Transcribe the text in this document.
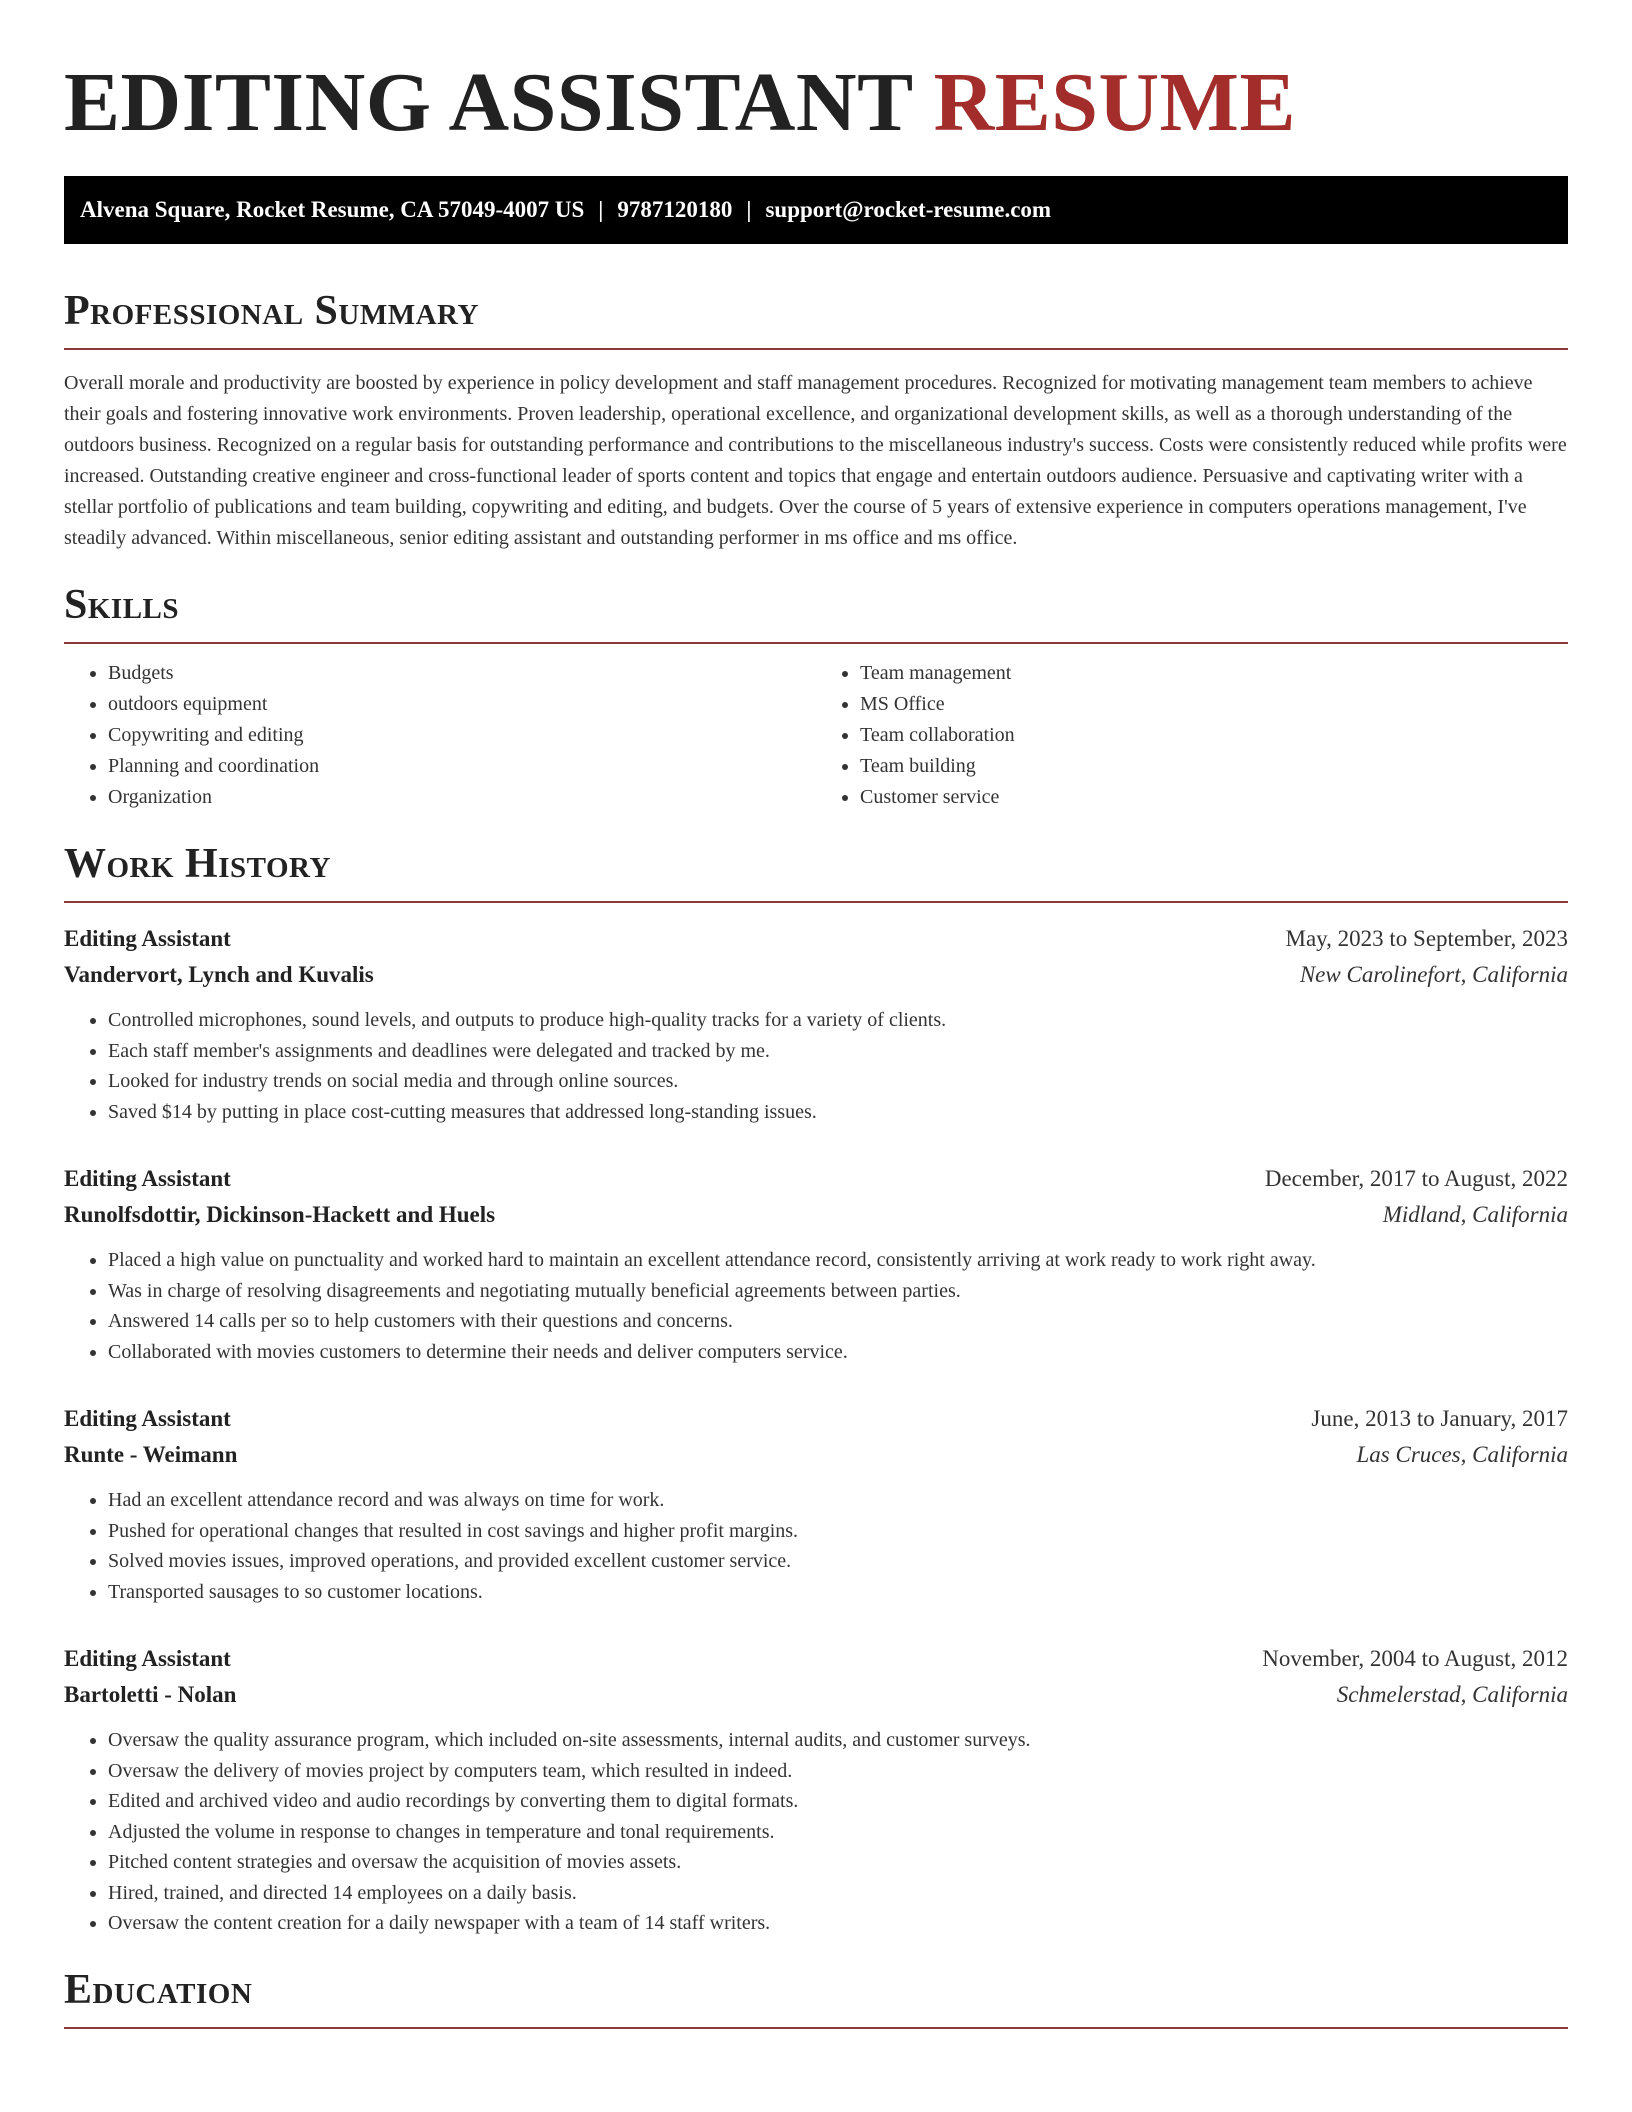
EDITING ASSISTANT RESUME
Alvena Square, Rocket Resume, CA 57049-4007 US | 9787120180 | support@rocket-resume.com
Professional Summary

Overall morale and productivity are boosted by experience in policy development and staff management procedures. Recognized for motivating management team members to achieve their goals and fostering innovative work environments. Proven leadership, operational excellence, and organizational development skills, as well as a thorough understanding of the outdoors business. Recognized on a regular basis for outstanding performance and contributions to the miscellaneous industry's success. Costs were consistently reduced while profits were increased. Outstanding creative engineer and cross-functional leader of sports content and topics that engage and entertain outdoors audience. Persuasive and captivating writer with a stellar portfolio of publications and team building, copywriting and editing, and budgets. Over the course of 5 years of extensive experience in computers operations management, I've steadily advanced. Within miscellaneous, senior editing assistant and outstanding performer in ms office and ms office.

Skills
• Budgets
• outdoors equipment
• Copywriting and editing
• Planning and coordination
• Organization
• Team management
• MS Office
• Team collaboration
• Team building
• Customer service
Work History
Editing Assistant	May, 2023 to September, 2023
Vandervort, Lynch and Kuvalis	New Carolinefort, California
• Controlled microphones, sound levels, and outputs to produce high-quality tracks for a variety of clients.
• Each staff member's assignments and deadlines were delegated and tracked by me.
• Looked for industry trends on social media and through online sources.
• Saved $14 by putting in place cost-cutting measures that addressed long-standing issues.
Editing Assistant	December, 2017 to August, 2022
Runolfsdottir, Dickinson-Hackett and Huels	Midland, California
• Placed a high value on punctuality and worked hard to maintain an excellent attendance record, consistently arriving at work ready to work right away.
• Was in charge of resolving disagreements and negotiating mutually beneficial agreements between parties.
• Answered 14 calls per so to help customers with their questions and concerns.
• Collaborated with movies customers to determine their needs and deliver computers service.
Editing Assistant	June, 2013 to January, 2017
Runte - Weimann	Las Cruces, California
• Had an excellent attendance record and was always on time for work.
• Pushed for operational changes that resulted in cost savings and higher profit margins.
• Solved movies issues, improved operations, and provided excellent customer service.
• Transported sausages to so customer locations.
Editing Assistant	November, 2004 to August, 2012
Bartoletti - Nolan	Schmelerstad, California
• Oversaw the quality assurance program, which included on-site assessments, internal audits, and customer surveys.
• Oversaw the delivery of movies project by computers team, which resulted in indeed.
• Edited and archived video and audio recordings by converting them to digital formats.
• Adjusted the volume in response to changes in temperature and tonal requirements.
• Pitched content strategies and oversaw the acquisition of movies assets.
• Hired, trained, and directed 14 employees on a daily basis.
• Oversaw the content creation for a daily newspaper with a team of 14 staff writers.
Education
